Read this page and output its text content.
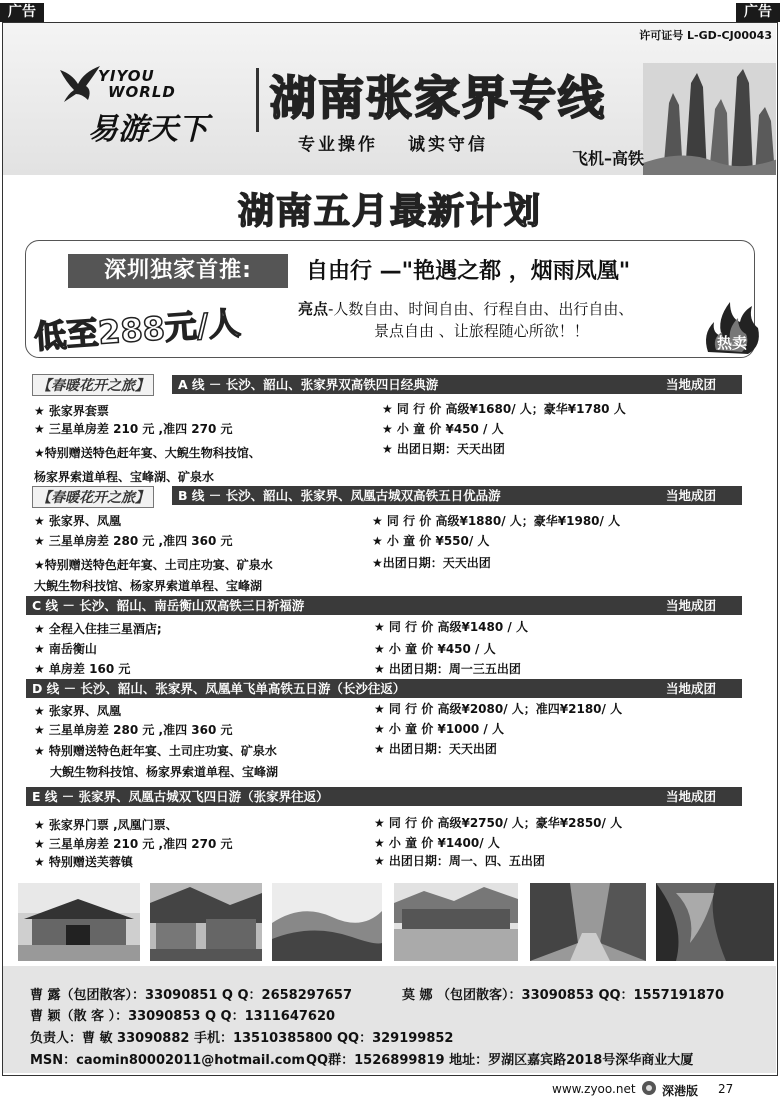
广告	广告
许可证号 L-GD-CJ00043
YIYOU
WORLD
易游天下
湖南张家界专线
专业操作 诚实守信
飞机–高铁
湖南五月最新计划
深圳独家首推:	自由行 —"艳遇之都 ，烟雨凤凰"
亮点-人数自由、时间自由、行程自由、出行自由、
景点自由 、让旅程随心所欲！！
低至288元/人	热卖
【春暖花开之旅】	A 线 － 长沙、韶山、张家界双高铁四日经典游	当地成团
★ 张家界套票
★ 三星单房差 210 元 ,准四 270 元
★特别赠送特色赶年宴、大鲵生物科技馆、
杨家界索道单程、宝峰湖、矿泉水
★ 同 行 价 高级¥1680/ 人；豪华¥1780 人
★ 小 童 价 ¥450 / 人
★ 出团日期：天天出团
【春暖花开之旅】	B 线 － 长沙、韶山、张家界、凤凰古城双高铁五日优品游	当地成团
★ 张家界、凤凰
★ 三星单房差 280 元 ,准四 360 元
★特别赠送特色赶年宴、土司庄功宴、矿泉水
大鲵生物科技馆、杨家界索道单程、宝峰湖
★ 同 行 价 高级¥1880/ 人；豪华¥1980/ 人
★ 小 童 价 ¥550/ 人
★出团日期：天天出团
C 线 － 长沙、韶山、南岳衡山双高铁三日祈福游	当地成团
★ 全程入住挂三星酒店;
★ 南岳衡山
★ 单房差 160 元
★ 同 行 价 高级¥1480 / 人
★ 小 童 价 ¥450 / 人
★ 出团日期：周一三五出团
D 线 － 长沙、韶山、张家界、凤凰单飞单高铁五日游（长沙往返）	当地成团
★ 张家界、凤凰
★ 三星单房差 280 元 ,准四 360 元
★ 特别赠送特色赶年宴、土司庄功宴、矿泉水
大鲵生物科技馆、杨家界索道单程、宝峰湖
★ 同 行 价 高级¥2080/ 人；准四¥2180/ 人
★ 小 童 价 ¥1000 / 人
★ 出团日期：天天出团
E 线 － 张家界、凤凰古城双飞四日游（张家界往返）	当地成团
★ 张家界门票 ,凤凰门票、
★ 三星单房差 210 元 ,准四 270 元
★ 特别赠送芙蓉镇
★ 同 行 价 高级¥2750/ 人；豪华¥2850/ 人
★ 小 童 价 ¥1400/ 人
★ 出团日期：周一、四、五出团
曹 露（包团散客）：33090851 Q Q：2658297657	莫 娜 （包团散客）：33090853 QQ：1557191870
曹 颖（散 客 ）：33090853 Q Q：1311647620
负责人：曹 敏 33090882 手机：13510385800 QQ：329199852
MSN：caomin80002011@hotmail.com QQ群：1526899819 地址：罗湖区嘉宾路2018号深华商业大厦
www.zyoo.net 深港版 27
